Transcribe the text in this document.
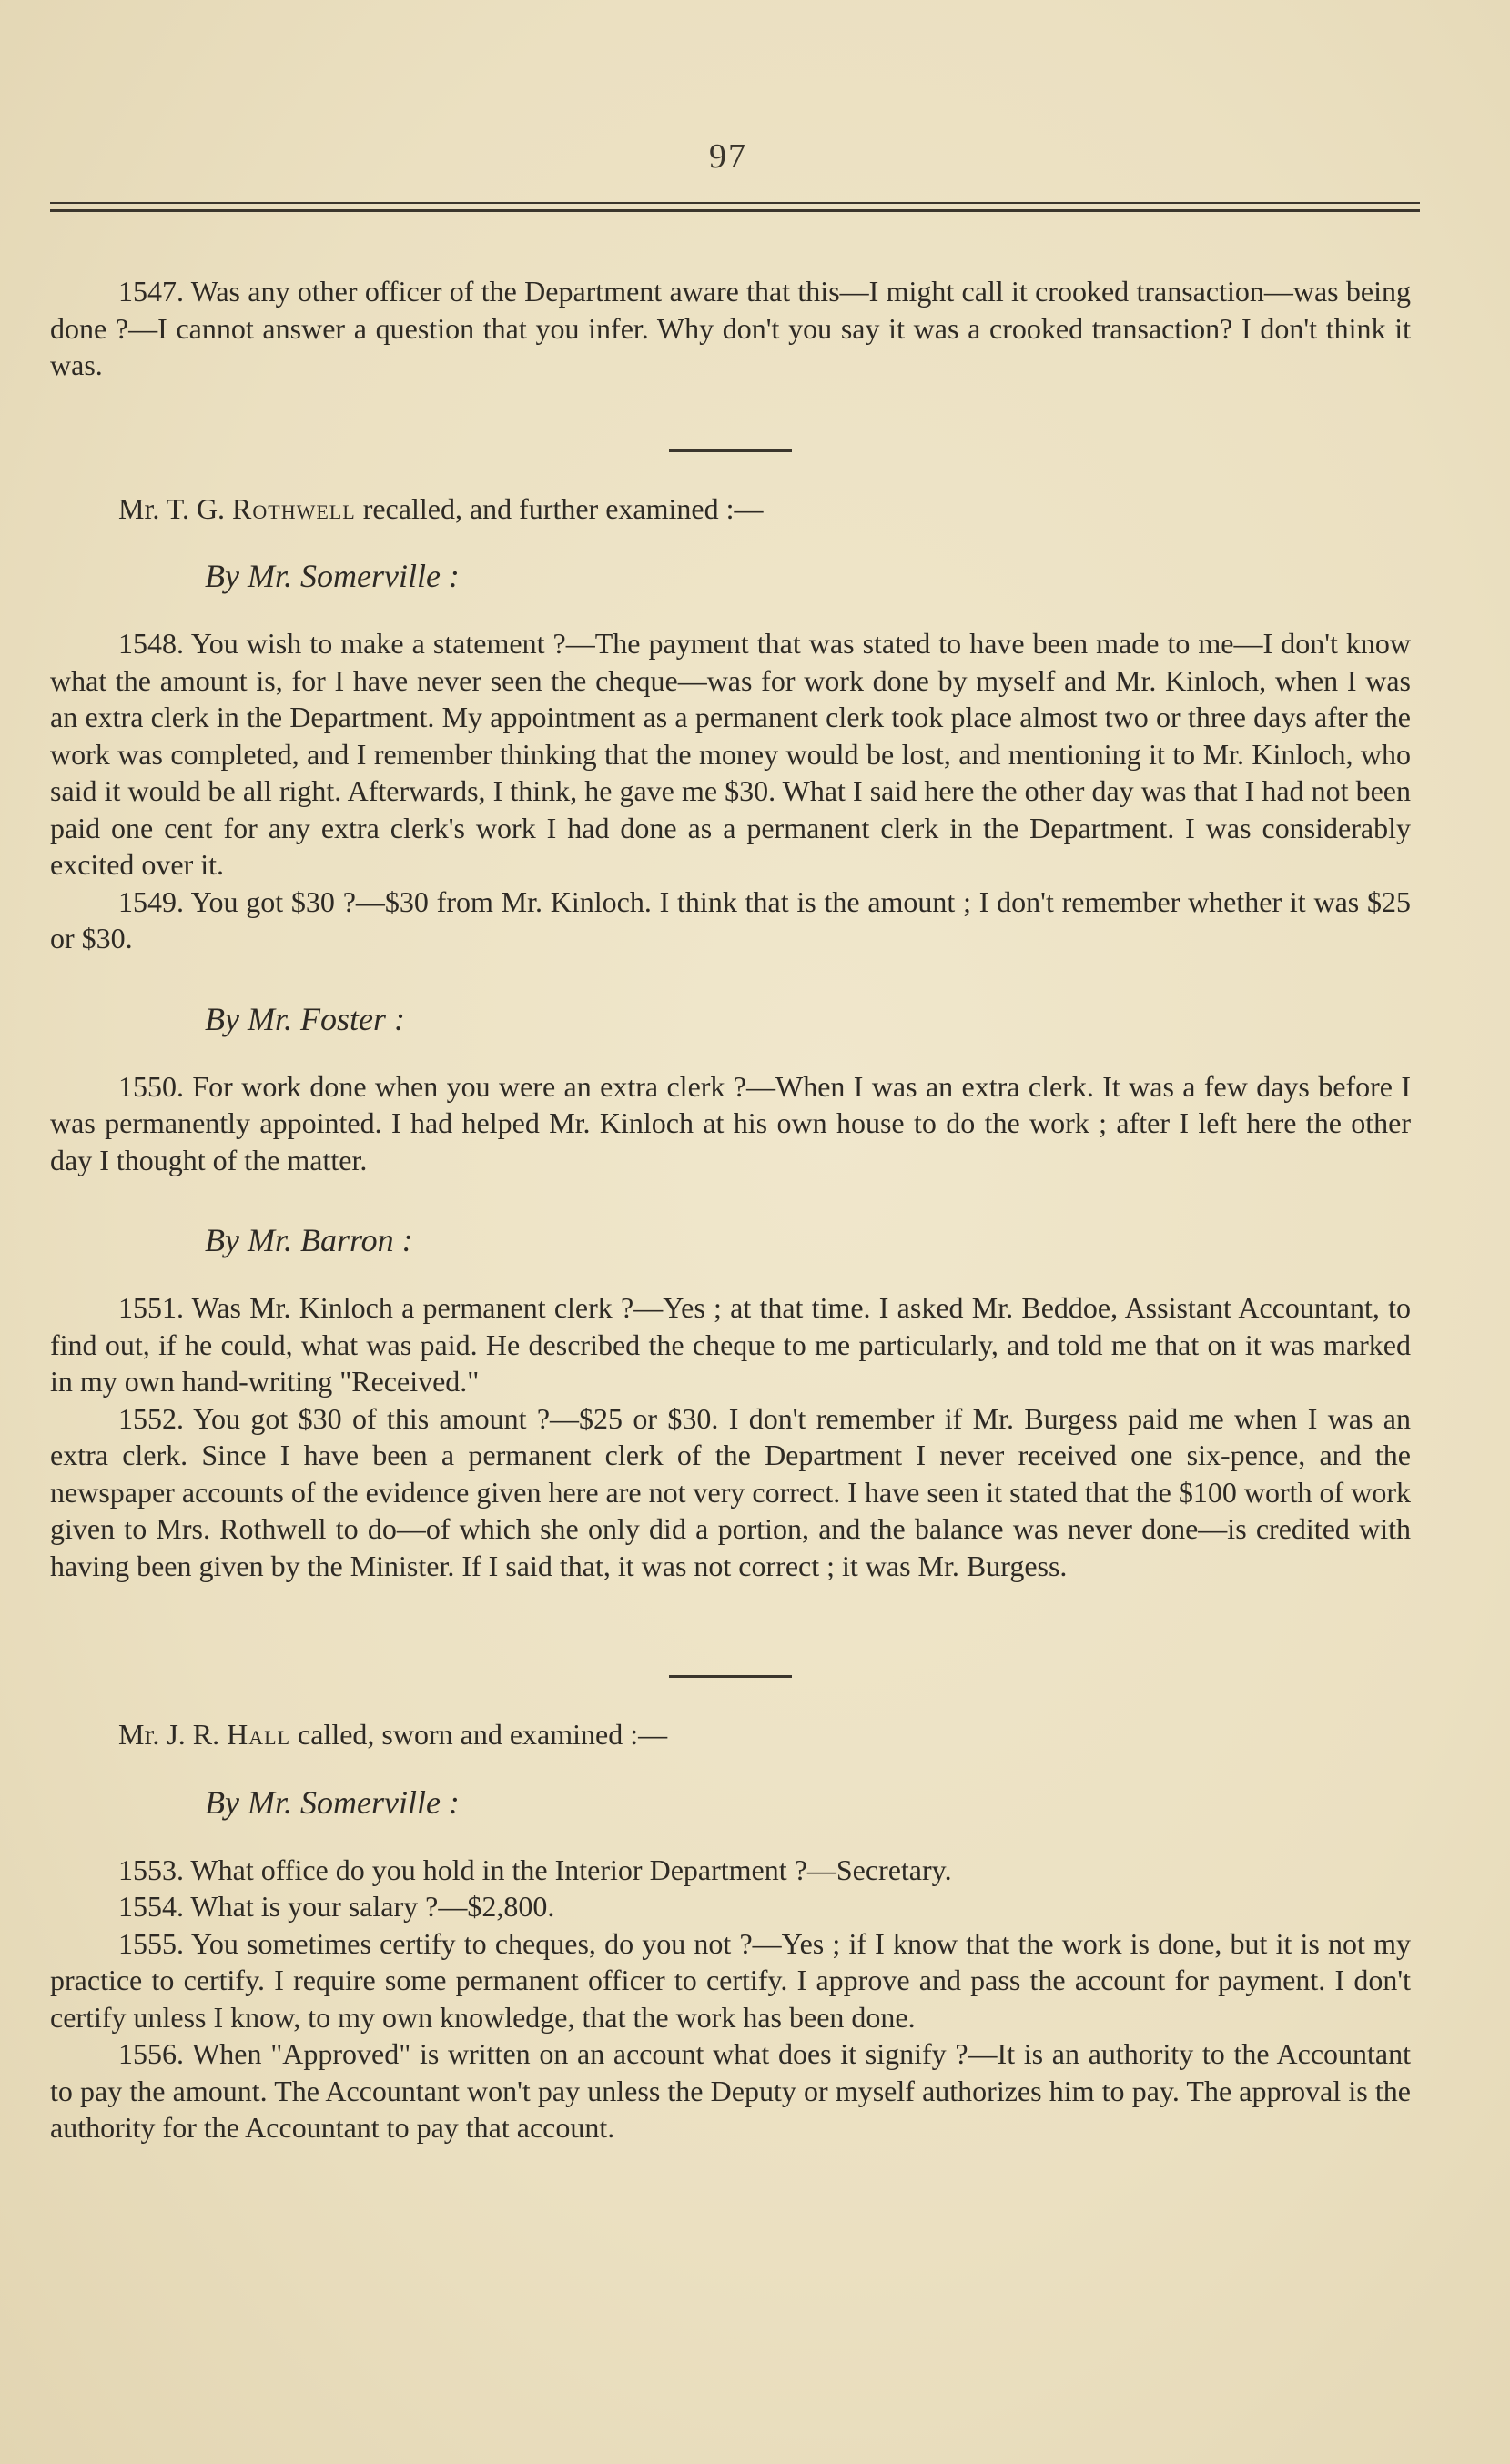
97

1547. Was any other officer of the Department aware that this—I might call it crooked transaction—was being done ?—I cannot answer a question that you infer. Why don't you say it was a crooked transaction? I don't think it was.

Mr. T. G. Rothwell recalled, and further examined :—

By Mr. Somerville :

1548. You wish to make a statement ?—The payment that was stated to have been made to me—I don't know what the amount is, for I have never seen the cheque—was for work done by myself and Mr. Kinloch, when I was an extra clerk in the Department. My appointment as a permanent clerk took place almost two or three days after the work was completed, and I remember thinking that the money would be lost, and mentioning it to Mr. Kinloch, who said it would be all right. Afterwards, I think, he gave me $30. What I said here the other day was that I had not been paid one cent for any extra clerk's work I had done as a permanent clerk in the Department. I was considerably excited over it.

1549. You got $30 ?—$30 from Mr. Kinloch. I think that is the amount ; I don't remember whether it was $25 or $30.

By Mr. Foster :

1550. For work done when you were an extra clerk ?—When I was an extra clerk. It was a few days before I was permanently appointed. I had helped Mr. Kinloch at his own house to do the work ; after I left here the other day I thought of the matter.

By Mr. Barron :

1551. Was Mr. Kinloch a permanent clerk ?—Yes ; at that time. I asked Mr. Beddoe, Assistant Accountant, to find out, if he could, what was paid. He described the cheque to me particularly, and told me that on it was marked in my own hand-writing "Received."

1552. You got $30 of this amount ?—$25 or $30. I don't remember if Mr. Burgess paid me when I was an extra clerk. Since I have been a permanent clerk of the Department I never received one six-pence, and the newspaper accounts of the evidence given here are not very correct. I have seen it stated that the $100 worth of work given to Mrs. Rothwell to do—of which she only did a portion, and the balance was never done—is credited with having been given by the Minister. If I said that, it was not correct ; it was Mr. Burgess.

Mr. J. R. Hall called, sworn and examined :—

By Mr. Somerville :

1553. What office do you hold in the Interior Department ?—Secretary.

1554. What is your salary ?—$2,800.

1555. You sometimes certify to cheques, do you not ?—Yes ; if I know that the work is done, but it is not my practice to certify. I require some permanent officer to certify. I approve and pass the account for payment. I don't certify unless I know, to my own knowledge, that the work has been done.

1556. When "Approved" is written on an account what does it signify ?—It is an authority to the Accountant to pay the amount. The Accountant won't pay unless the Deputy or myself authorizes him to pay. The approval is the authority for the Accountant to pay that account.
